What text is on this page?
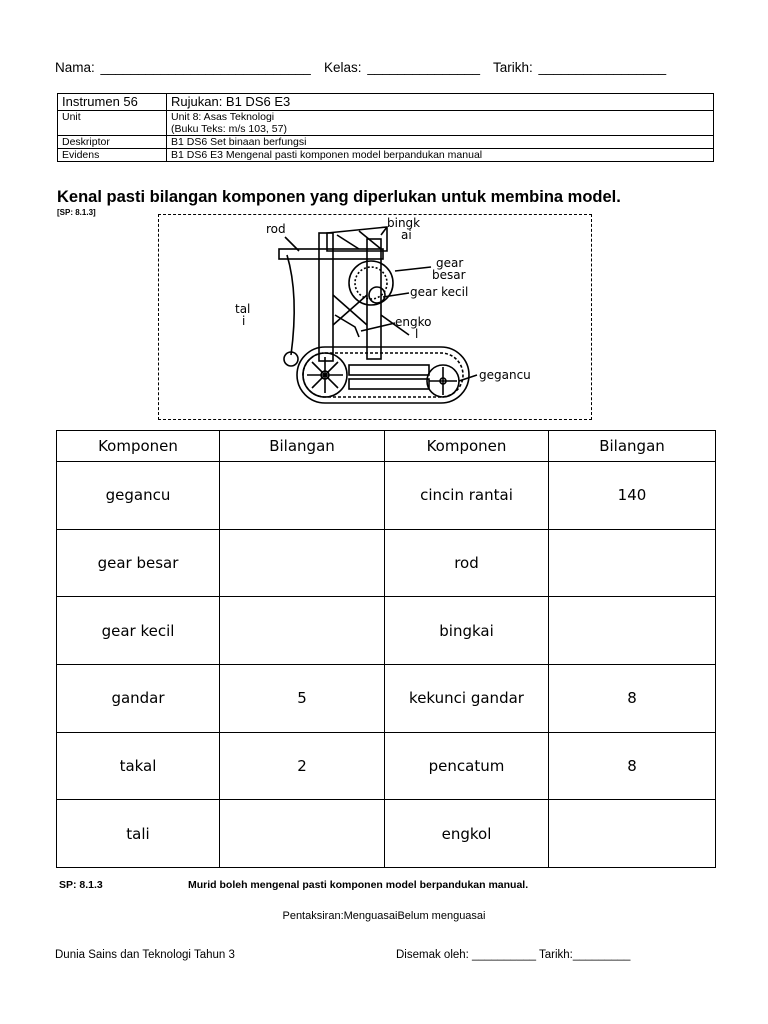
Nama: ____________________________ Kelas: _______________ Tarikh: _________________
Instrumen 56	Rujukan: B1 DS6 E3
Unit	Unit 8: Asas Teknologi
(Buku Teks: m/s 103, 57)

Deskriptor	B1 DS6 Set binaan berfungsi
Evidens	B1 DS6 E3 Mengenal pasti komponen model berpandukan manual
Kenal pasti bilangan komponen yang diperlukan untuk membina model.
[SP: 8.1.3]
rod	bingk
ai
gear
besar
gear kecil
tal
i	engko
l
gegancu
Komponen	Bilangan	Komponen	Bilangan
gegancu		cincin rantai	140
gear besar		rod	
gear kecil		bingkai	
gandar	5	kekunci gandar	8
takal	2	pencatum	8
tali		engkol	
SP: 8.1.3	Murid boleh mengenal pasti komponen model berpandukan manual.
Pentaksiran:MenguasaiBelum menguasai
Dunia Sains dan Teknologi Tahun 3	Disemak oleh: __________ Tarikh:_________
